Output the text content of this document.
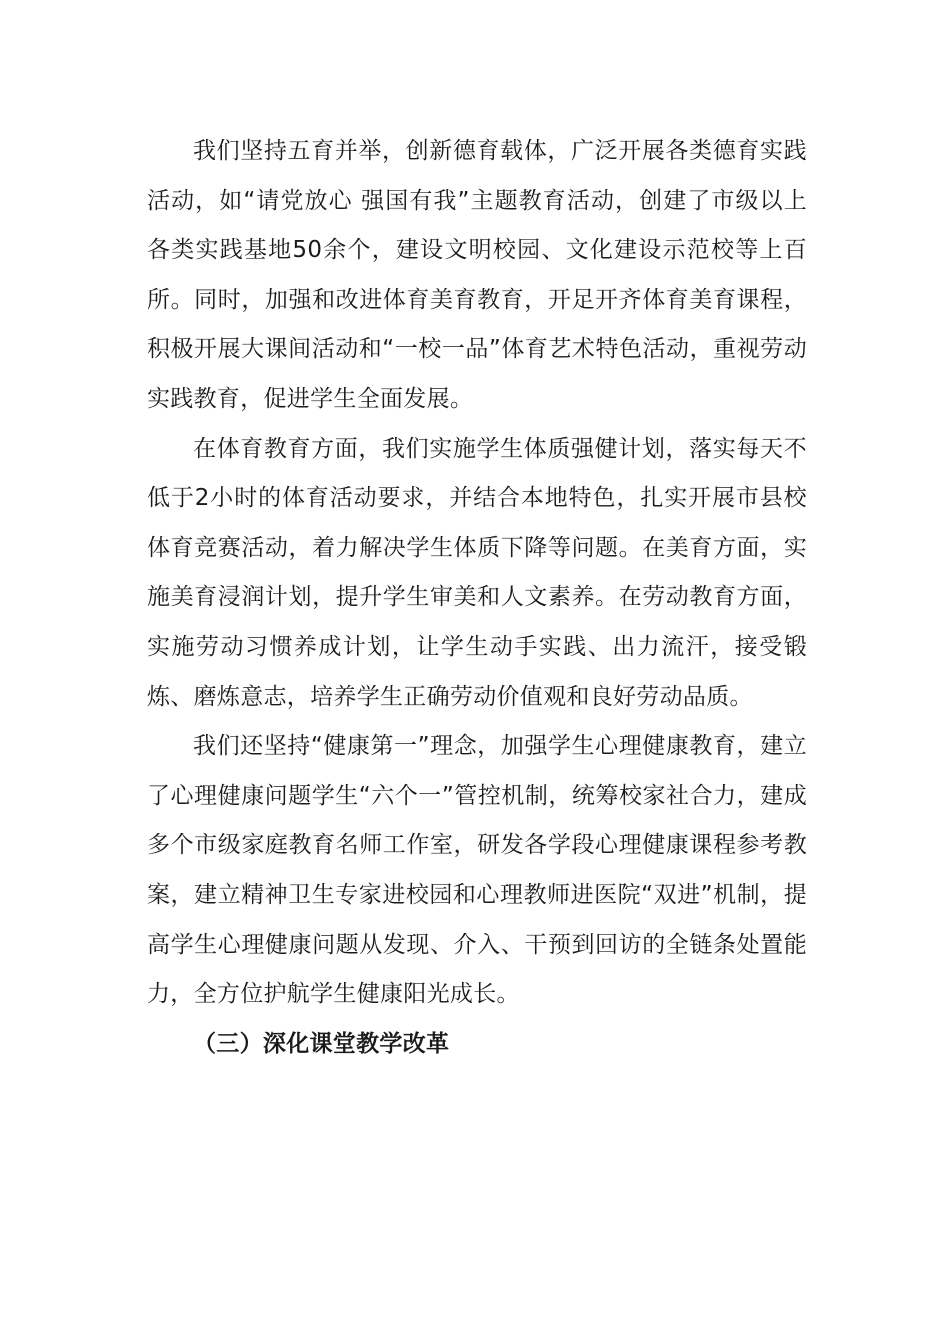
我们坚持五育并举，创新德育载体，广泛开展各类德育实践活动，如“请党放心 强国有我”主题教育活动，创建了市级以上各类实践基地50余个，建设文明校园、文化建设示范校等上百所。同时，加强和改进体育美育教育，开足开齐体育美育课程，积极开展大课间活动和“一校一品”体育艺术特色活动，重视劳动实践教育，促进学生全面发展。

在体育教育方面，我们实施学生体质强健计划，落实每天不低于2小时的体育活动要求，并结合本地特色，扎实开展市县校体育竞赛活动，着力解决学生体质下降等问题。在美育方面，实施美育浸润计划，提升学生审美和人文素养。在劳动教育方面，实施劳动习惯养成计划，让学生动手实践、出力流汗，接受锻炼、磨炼意志，培养学生正确劳动价值观和良好劳动品质。

我们还坚持“健康第一”理念，加强学生心理健康教育，建立了心理健康问题学生“六个一”管控机制，统筹校家社合力，建成多个市级家庭教育名师工作室，研发各学段心理健康课程参考教案，建立精神卫生专家进校园和心理教师进医院“双进”机制，提高学生心理健康问题从发现、介入、干预到回访的全链条处置能力，全方位护航学生健康阳光成长。

（三）深化课堂教学改革
